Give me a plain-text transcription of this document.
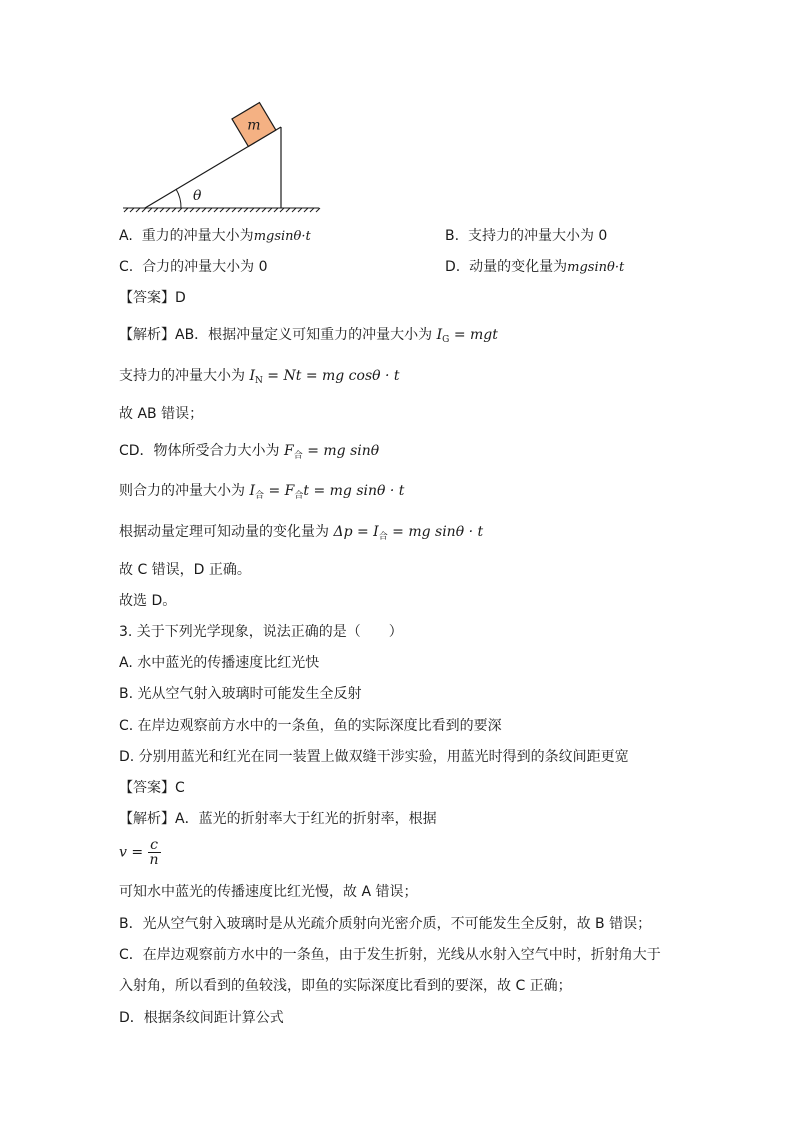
θ
m
A. 重力的冲量大小为mgsinθ·t	B. 支持力的冲量大小为 0
C. 合力的冲量大小为 0	D. 动量的变化量为mgsinθ·t
【答案】D
【解析】AB．根据冲量定义可知重力的冲量大小为 $I_G$ = mgt
支持力的冲量大小为 $I_N = Nt$ = mg cosθ · t
故 AB 错误；
CD．物体所受合力大小为 $F_合$ = mg sinθ
则合力的冲量大小为 $I_合 = F_合t$ = mg sinθ · t
根据动量定理可知动量的变化量为 $\Delta p = I_合$ = mg sinθ · t
故 C 错误，D 正确。
故选 D。
3. 关于下列光学现象，说法正确的是（　　）
A. 水中蓝光的传播速度比红光快
B. 光从空气射入玻璃时可能发生全反射
C. 在岸边观察前方水中的一条鱼，鱼的实际深度比看到的要深
D. 分别用蓝光和红光在同一装置上做双缝干涉实验，用蓝光时得到的条纹间距更宽
【答案】C
【解析】A．蓝光的折射率大于红光的折射率，根据
$v = \frac{c}{n}$
可知水中蓝光的传播速度比红光慢，故 A 错误；
B．光从空气射入玻璃时是从光疏介质射向光密介质，不可能发生全反射，故 B 错误；
C．在岸边观察前方水中的一条鱼，由于发生折射，光线从水射入空气中时，折射角大于
入射角，所以看到的鱼较浅，即鱼的实际深度比看到的要深，故 C 正确；
D．根据条纹间距计算公式
